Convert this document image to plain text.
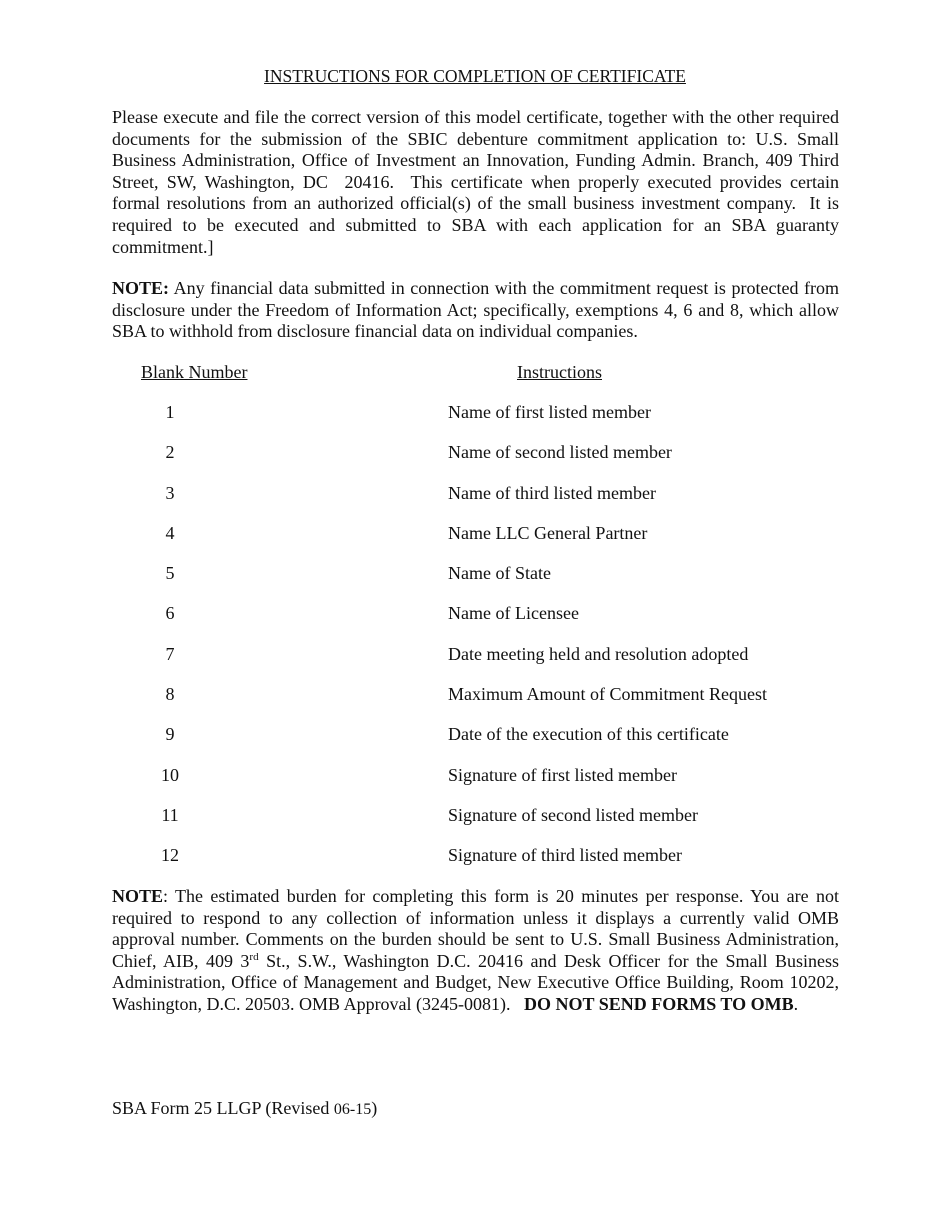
INSTRUCTIONS FOR COMPLETION OF CERTIFICATE

Please execute and file the correct version of this model certificate, together with the other required documents for the submission of the SBIC debenture commitment application to: U.S. Small Business Administration, Office of Investment an Innovation, Funding Admin. Branch, 409 Third Street, SW, Washington, DC  20416.  This certificate when properly executed provides certain formal resolutions from an authorized official(s) of the small business investment company.  It is required to be executed and submitted to SBA with each application for an SBA guaranty commitment.]

NOTE: Any financial data submitted in connection with the commitment request is protected from disclosure under the Freedom of Information Act; specifically, exemptions 4, 6 and 8, which allow SBA to withhold from disclosure financial data on individual companies.

Blank Number	Instructions
1	Name of first listed member
2	Name of second listed member
3	Name of third listed member
4	Name LLC General Partner
5	Name of State
6	Name of Licensee
7	Date meeting held and resolution adopted
8	Maximum Amount of Commitment Request
9	Date of the execution of this certificate
10	Signature of first listed member
11	Signature of second listed member
12	Signature of third listed member

NOTE: The estimated burden for completing this form is 20 minutes per response. You are not required to respond to any collection of information unless it displays a currently valid OMB approval number. Comments on the burden should be sent to U.S. Small Business Administration, Chief, AIB, 409 3rd St., S.W., Washington D.C. 20416 and Desk Officer for the Small Business Administration, Office of Management and Budget, New Executive Office Building, Room 10202, Washington, D.C. 20503. OMB Approval (3245-0081).   DO NOT SEND FORMS TO OMB.

SBA Form 25 LLGP (Revised 06-15)
